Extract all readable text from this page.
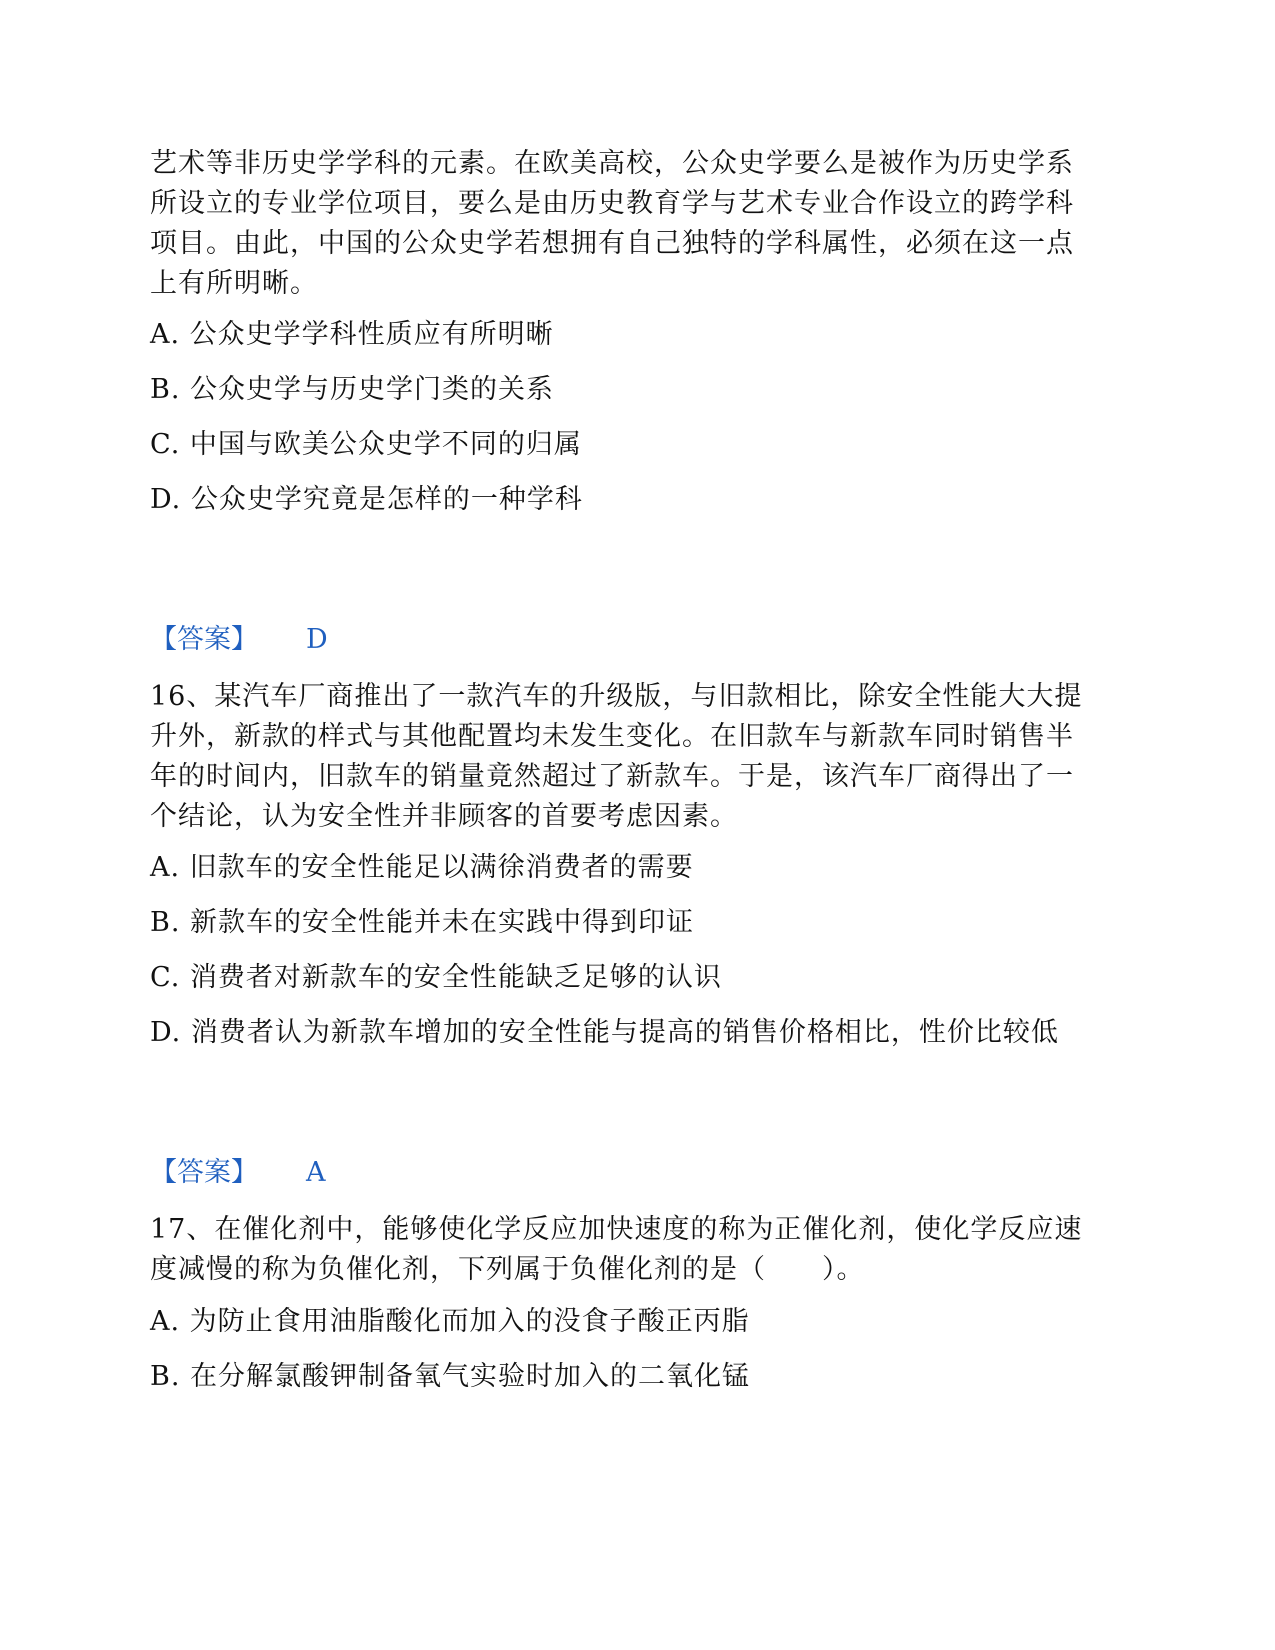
艺术等非历史学学科的元素。在欧美高校，公众史学要么是被作为历史学系
所设立的专业学位项目，要么是由历史教育学与艺术专业合作设立的跨学科
项目。由此，中国的公众史学若想拥有自己独特的学科属性，必须在这一点
上有所明晰。
A. 公众史学学科性质应有所明晰
B. 公众史学与历史学门类的关系
C. 中国与欧美公众史学不同的归属
D. 公众史学究竟是怎样的一种学科
【答案】 D
16、某汽车厂商推出了一款汽车的升级版，与旧款相比，除安全性能大大提
升外，新款的样式与其他配置均未发生变化。在旧款车与新款车同时销售半
年的时间内，旧款车的销量竟然超过了新款车。于是，该汽车厂商得出了一
个结论，认为安全性并非顾客的首要考虑因素。
A. 旧款车的安全性能足以满徐消费者的需要
B. 新款车的安全性能并未在实践中得到印证
C. 消费者对新款车的安全性能缺乏足够的认识
D. 消费者认为新款车增加的安全性能与提高的销售价格相比，性价比较低
【答案】 A
17、在催化剂中，能够使化学反应加快速度的称为正催化剂，使化学反应速
度减慢的称为负催化剂，下列属于负催化剂的是（　　）。
A. 为防止食用油脂酸化而加入的没食子酸正丙脂
B. 在分解氯酸钾制备氧气实验时加入的二氧化锰
